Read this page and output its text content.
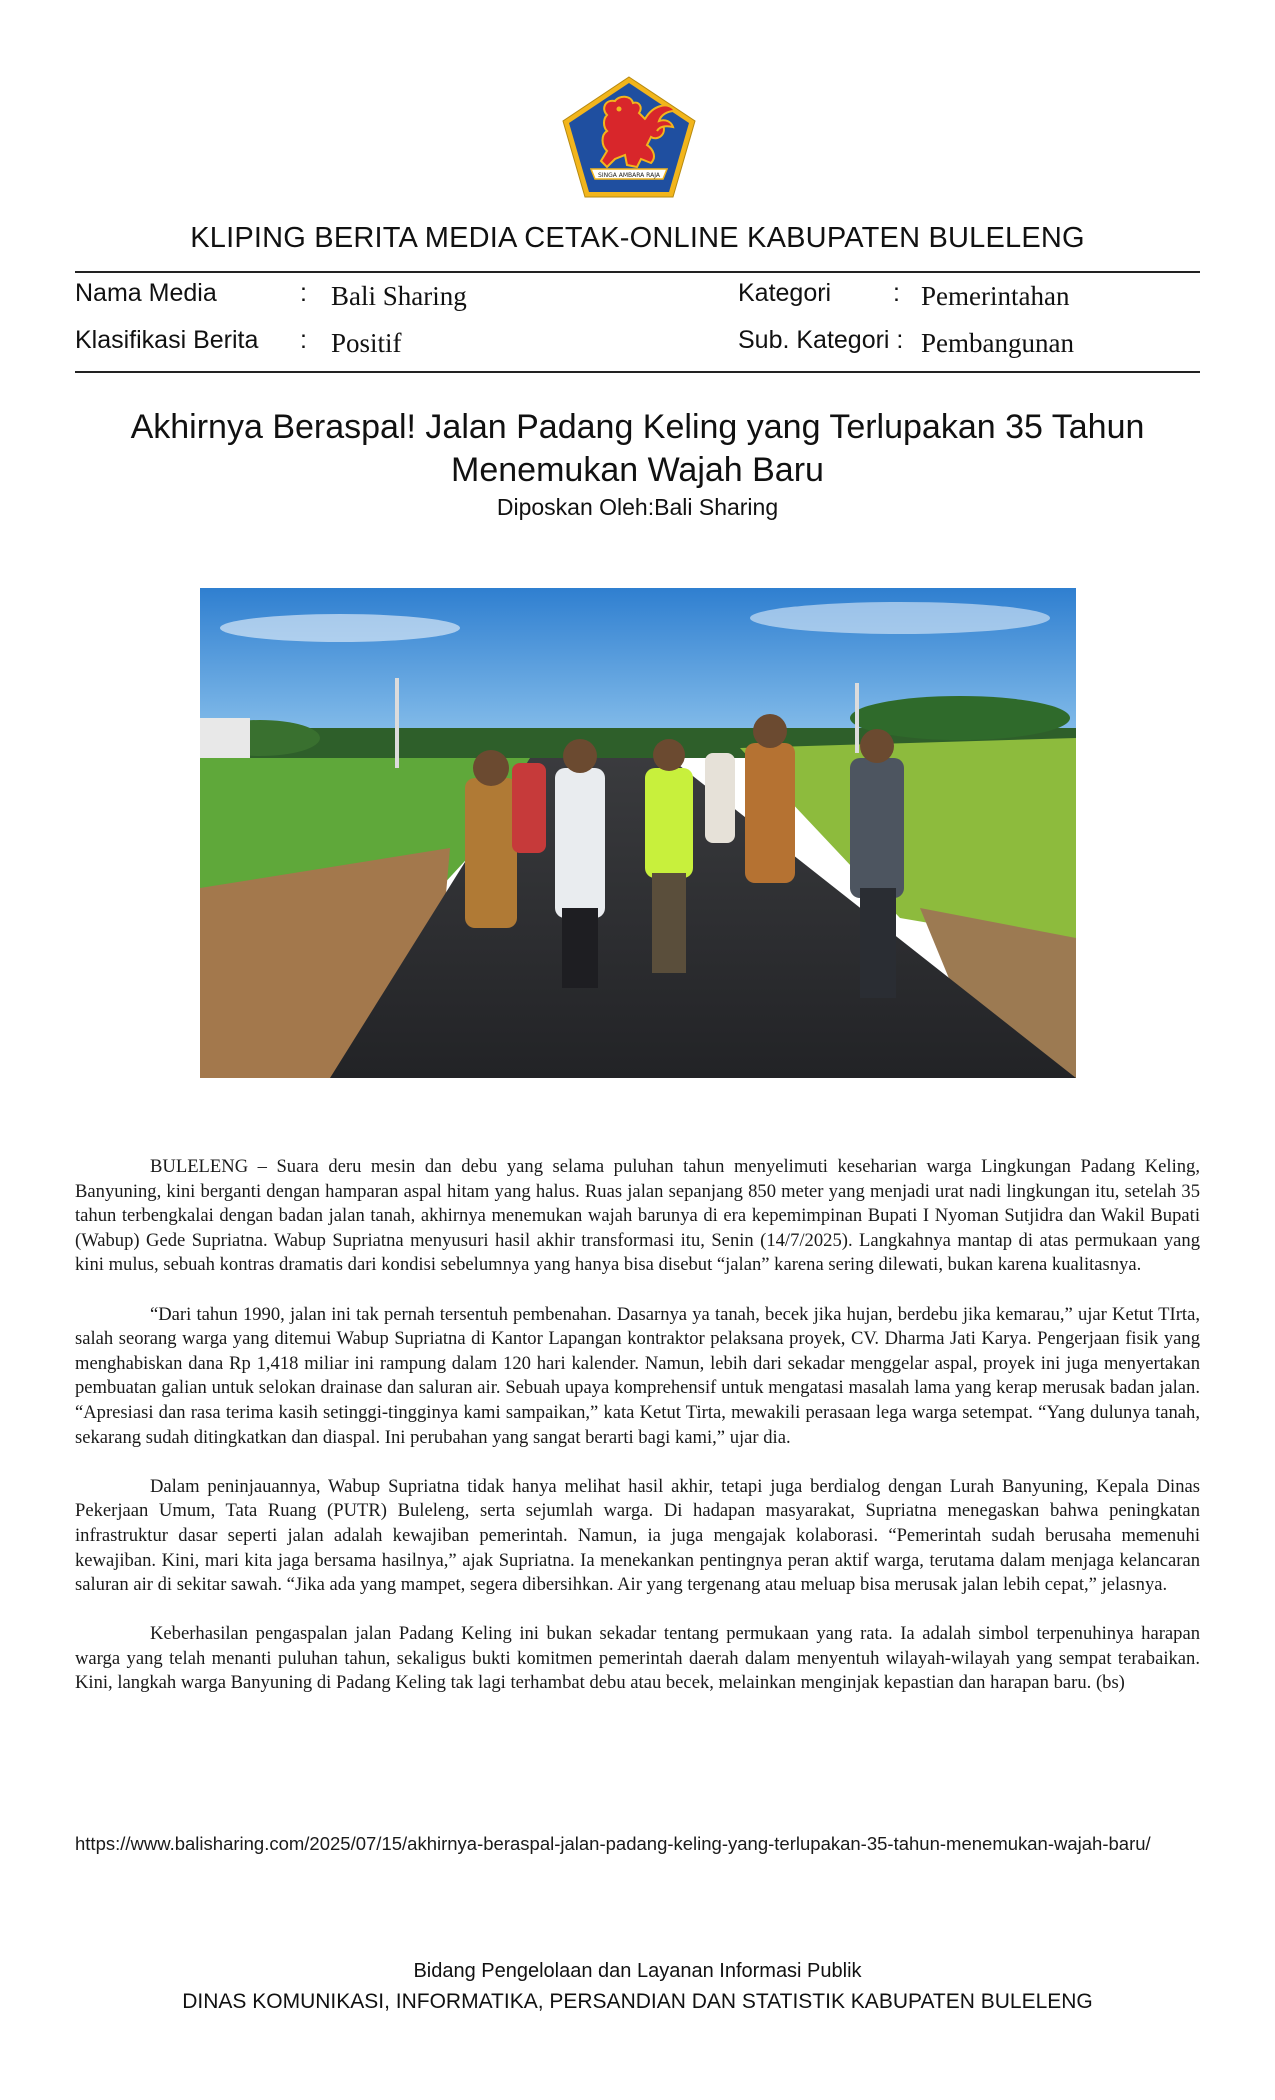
SINGA AMBARA RAJA
KLIPING BERITA MEDIA CETAK-ONLINE KABUPATEN BULELENG
Nama Media	: Bali Sharing
Klasifikasi Berita : Positif
Kategori : Pemerintahan
Sub. Kategori : Pembangunan
Akhirnya Beraspal! Jalan Padang Keling yang Terlupakan 35 Tahun
Menemukan Wajah Baru
Diposkan Oleh:Bali Sharing

BULELENG – Suara deru mesin dan debu yang selama puluhan tahun menyelimuti keseharian warga Lingkungan Padang Keling, Banyuning, kini berganti dengan hamparan aspal hitam yang halus. Ruas jalan sepanjang 850 meter yang menjadi urat nadi lingkungan itu, setelah 35 tahun terbengkalai dengan badan jalan tanah, akhirnya menemukan wajah barunya di era kepemimpinan Bupati I Nyoman Sutjidra dan Wakil Bupati (Wabup) Gede Supriatna. Wabup Supriatna menyusuri hasil akhir transformasi itu, Senin (14/7/2025). Langkahnya mantap di atas permukaan yang kini mulus, sebuah kontras dramatis dari kondisi sebelumnya yang hanya bisa disebut “jalan” karena sering dilewati, bukan karena kualitasnya.

“Dari tahun 1990, jalan ini tak pernah tersentuh pembenahan. Dasarnya ya tanah, becek jika hujan, berdebu jika kemarau,” ujar Ketut TIrta, salah seorang warga yang ditemui Wabup Supriatna di Kantor Lapangan kontraktor pelaksana proyek, CV. Dharma Jati Karya. Pengerjaan fisik yang menghabiskan dana Rp 1,418 miliar ini rampung dalam 120 hari kalender. Namun, lebih dari sekadar menggelar aspal, proyek ini juga menyertakan pembuatan galian untuk selokan drainase dan saluran air. Sebuah upaya komprehensif untuk mengatasi masalah lama yang kerap merusak badan jalan. “Apresiasi dan rasa terima kasih setinggi-tingginya kami sampaikan,” kata Ketut Tirta, mewakili perasaan lega warga setempat. “Yang dulunya tanah, sekarang sudah ditingkatkan dan diaspal. Ini perubahan yang sangat berarti bagi kami,” ujar dia.

Dalam peninjauannya, Wabup Supriatna tidak hanya melihat hasil akhir, tetapi juga berdialog dengan Lurah Banyuning, Kepala Dinas Pekerjaan Umum, Tata Ruang (PUTR) Buleleng, serta sejumlah warga. Di hadapan masyarakat, Supriatna menegaskan bahwa peningkatan infrastruktur dasar seperti jalan adalah kewajiban pemerintah. Namun, ia juga mengajak kolaborasi. “Pemerintah sudah berusaha memenuhi kewajiban. Kini, mari kita jaga bersama hasilnya,” ajak Supriatna. Ia menekankan pentingnya peran aktif warga, terutama dalam menjaga kelancaran saluran air di sekitar sawah. “Jika ada yang mampet, segera dibersihkan. Air yang tergenang atau meluap bisa merusak jalan lebih cepat,” jelasnya.

Keberhasilan pengaspalan jalan Padang Keling ini bukan sekadar tentang permukaan yang rata. Ia adalah simbol terpenuhinya harapan warga yang telah menanti puluhan tahun, sekaligus bukti komitmen pemerintah daerah dalam menyentuh wilayah-wilayah yang sempat terabaikan. Kini, langkah warga Banyuning di Padang Keling tak lagi terhambat debu atau becek, melainkan menginjak kepastian dan harapan baru. (bs)

https://www.balisharing.com/2025/07/15/akhirnya-beraspal-jalan-padang-keling-yang-terlupakan-35-tahun-menemukan-wajah-baru/
Bidang Pengelolaan dan Layanan Informasi Publik
DINAS KOMUNIKASI, INFORMATIKA, PERSANDIAN DAN STATISTIK KABUPATEN BULELENG
